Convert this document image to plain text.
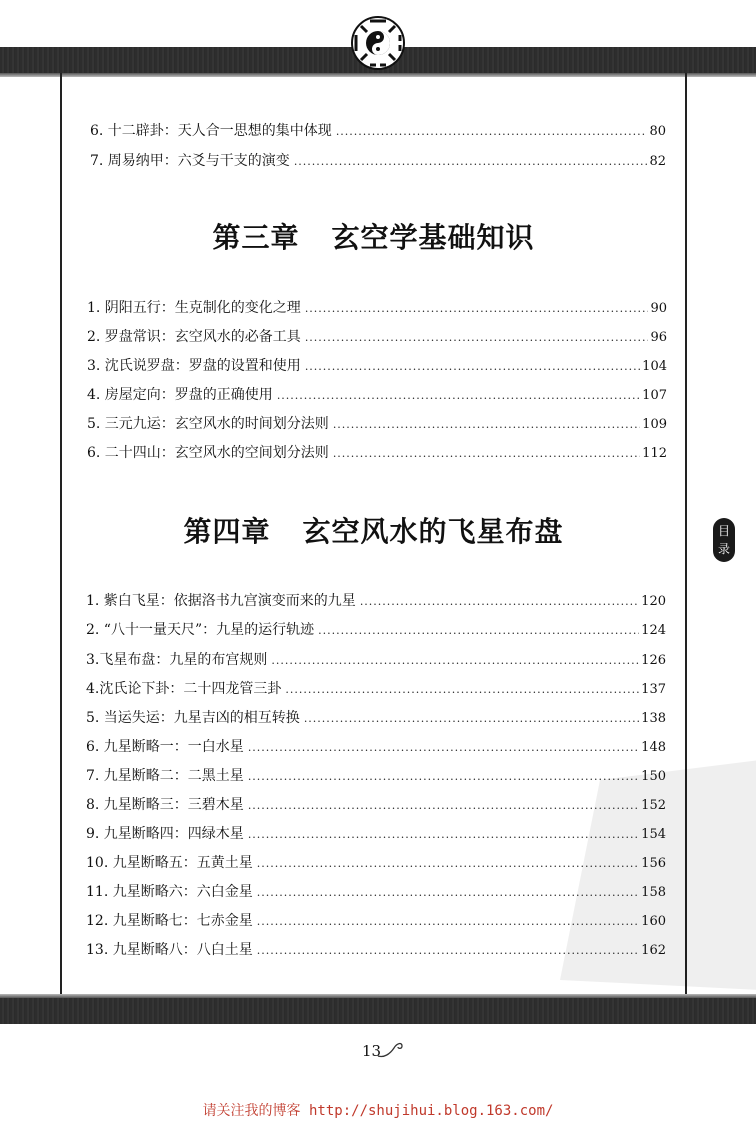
6. 十二辟卦：天人合一思想的集中体现 .....	80
7. 周易纳甲：六爻与干支的演变 .....	82
第三章 玄空学基础知识
1. 阴阳五行：生克制化的变化之理 .....	90
2. 罗盘常识：玄空风水的必备工具 .....	96
3. 沈氏说罗盘：罗盘的设置和使用 .....	104
4. 房屋定向：罗盘的正确使用 .....	107
5. 三元九运：玄空风水的时间划分法则 .....	109
6. 二十四山：玄空风水的空间划分法则 .....	112
第四章 玄空风水的飞星布盘	目
录
1. 紫白飞星：依据洛书九宫演变而来的九星 .....	120
2. “八十一量天尺”：九星的运行轨迹 .....	124
3.飞星布盘：九星的布宫规则 .....	126
4.沈氏论下卦：二十四龙管三卦 .....	137
5. 当运失运：九星吉凶的相互转换 .....	138
6. 九星断略一：一白水星 .....	148
7. 九星断略二：二黑土星 .....	150
8. 九星断略三：三碧木星 .....	152
9. 九星断略四：四绿木星 .....	154
10. 九星断略五：五黄土星 .....	156
11. 九星断略六：六白金星 .....	158
12. 九星断略七：七赤金星 .....	160
13. 九星断略八：八白土星 .....	162
13
请关注我的博客 http://shujihui.blog.163.com/
